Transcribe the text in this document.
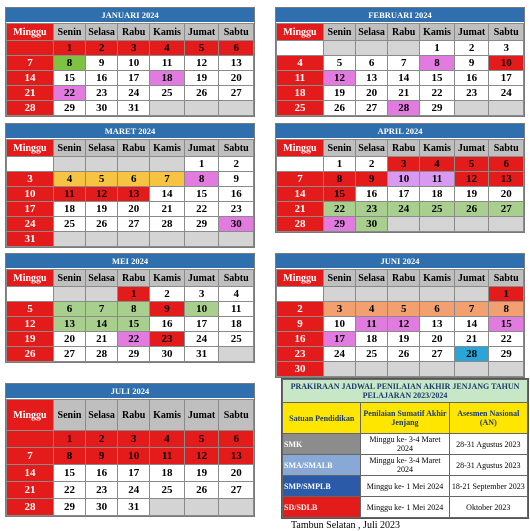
JANUARI 2024
Minggu	Senin	Selasa	Rabu	Kamis	Jumat	Sabtu
	1	2	3	4	5	6
7	8	9	10	11	12	13
14	15	16	17	18	19	20
21	22	23	24	25	26	27
28	29	30	31			
FEBRUARI 2024
Minggu	Senin	Selasa	Rabu	Kamis	Jumat	Sabtu
				1	2	3
4	5	6	7	8	9	10
11	12	13	14	15	16	17
18	19	20	21	22	23	24
25	26	27	28	29		
MARET 2024
Minggu	Senin	Selasa	Rabu	Kamis	Jumat	Sabtu
					1	2
3	4	5	6	7	8	9
10	11	12	13	14	15	16
17	18	19	20	21	22	23
24	25	26	27	28	29	30
31						
APRIL 2024
Minggu	Senin	Selasa	Rabu	Kamis	Jumat	Sabtu
	1	2	3	4	5	6
7	8	9	10	11	12	13
14	15	16	17	18	19	20
21	22	23	24	25	26	27
28	29	30				
MEI 2024
Minggu	Senin	Selasa	Rabu	Kamis	Jumat	Sabtu
			1	2	3	4
5	6	7	8	9	10	11
12	13	14	15	16	17	18
19	20	21	22	23	24	25
26	27	28	29	30	31	
JUNI 2024
Minggu	Senin	Selasa	Rabu	Kamis	Jumat	Sabtu
						1
2	3	4	5	6	7	8
9	10	11	12	13	14	15
16	17	18	19	20	21	22
23	24	25	26	27	28	29
30						
JULI 2024
Minggu	Senin	Selasa	Rabu	Kamis	Jumat	Sabtu
	1	2	3	4	5	6
7	8	9	10	11	12	13
14	15	16	17	18	19	20
21	22	23	24	25	26	27
28	29	30	31			
PRAKIRAAN JADWAL PENILAIAN AKHIR JENJANG TAHUN PELAJARAN 2023/2024		
Satuan Pendidikan	Penilaian Sumatif Akhir Jenjang	Asesmen Nasional (AN)
SMK	Minggu ke- 3-4 Maret 2024	28-31 Agustus 2023
SMA/SMALB	Minggu ke- 3-4 Maret 2024	28-31 Agustus 2023
SMP/SMPLB	Minggu ke- 1 Mei 2024	18-21 September 2023
SD/SDLB	Minggu ke- 1 Mei 2024	Oktober 2023
Tambun Selatan , Juli 2023
